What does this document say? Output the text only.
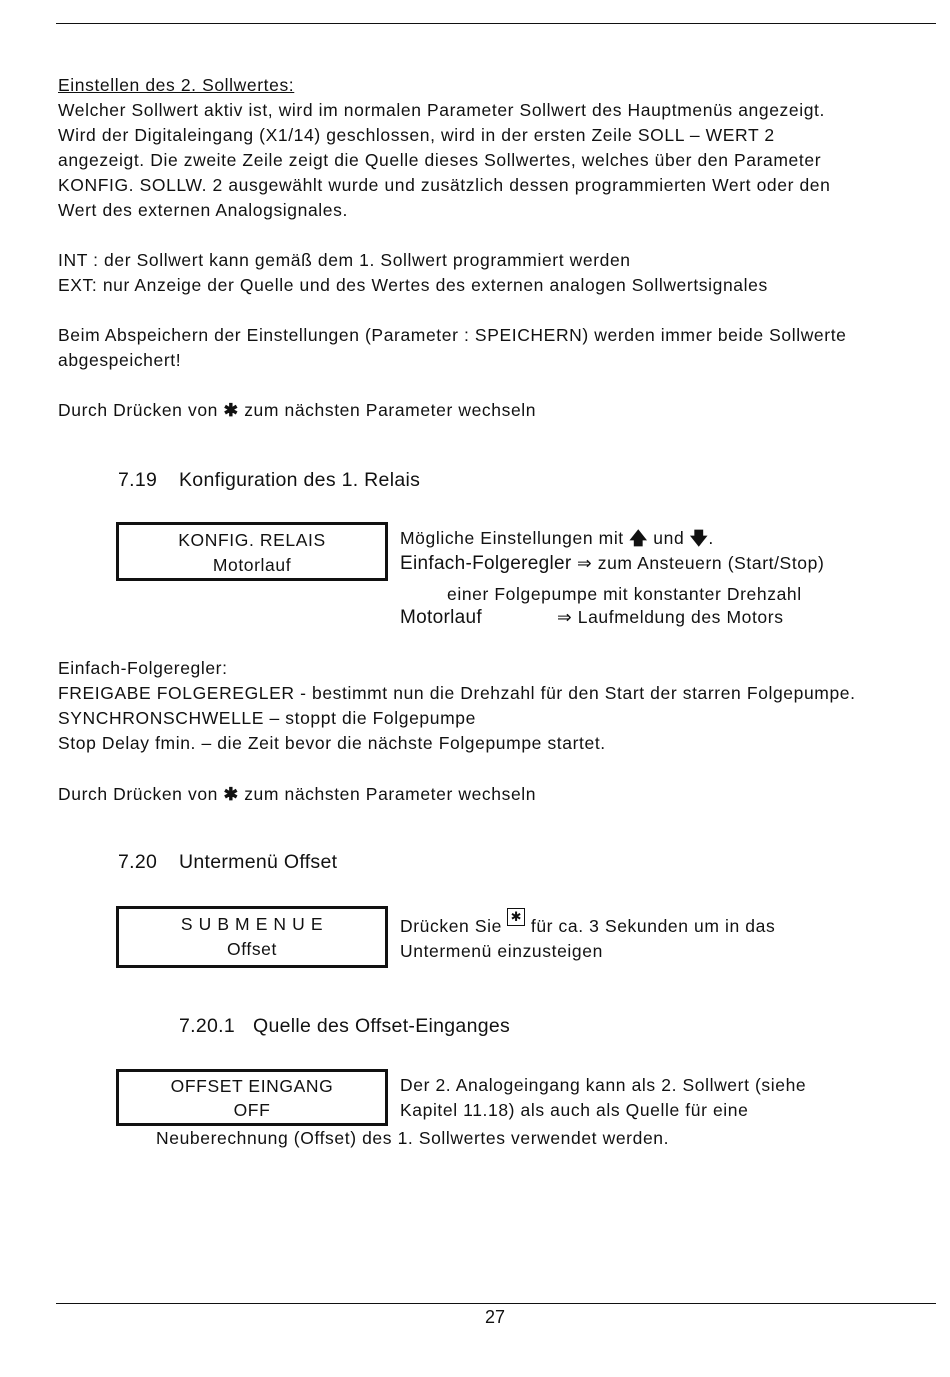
Einstellen des 2. Sollwertes:
Welcher Sollwert aktiv ist, wird im normalen Parameter Sollwert des Hauptmenüs angezeigt.
Wird der Digitaleingang (X1/14) geschlossen, wird in der ersten Zeile SOLL – WERT 2
angezeigt. Die zweite Zeile zeigt die Quelle dieses Sollwertes, welches über den Parameter
KONFIG. SOLLW. 2 ausgewählt wurde und zusätzlich dessen programmierten Wert oder den
Wert des externen Analogsignales.
INT : der Sollwert kann gemäß dem 1. Sollwert programmiert werden
EXT: nur Anzeige der Quelle und des Wertes des externen analogen Sollwertsignales
Beim Abspeichern der Einstellungen (Parameter : SPEICHERN) werden immer beide Sollwerte
abgespeichert!
Durch Drücken von ✱ zum nächsten Parameter wechseln
7.19 Konfiguration des 1. Relais
KONFIG. RELAIS
Motorlauf
Mögliche Einstellungen mit 🡅 und 🡇.
Einfach-Folgeregler ⇒ zum Ansteuern (Start/Stop)
einer Folgepumpe mit konstanter Drehzahl
Motorlauf	⇒ Laufmeldung des Motors
Einfach-Folgeregler:
FREIGABE FOLGEREGLER - bestimmt nun die Drehzahl für den Start der starren Folgepumpe.
SYNCHRONSCHWELLE – stoppt die Folgepumpe
Stop Delay fmin. – die Zeit bevor die nächste Folgepumpe startet.
Durch Drücken von ✱ zum nächsten Parameter wechseln
7.20 Untermenü Offset
S U B M E N U E
Offset
Drücken Sie ✱ für ca. 3 Sekunden um in das
Untermenü einzusteigen
7.20.1 Quelle des Offset-Einganges
OFFSET EINGANG
OFF
Der 2. Analogeingang kann als 2. Sollwert (siehe
Kapitel 11.18) als auch als Quelle für eine
Neuberechnung (Offset) des 1. Sollwertes verwendet werden.
27
